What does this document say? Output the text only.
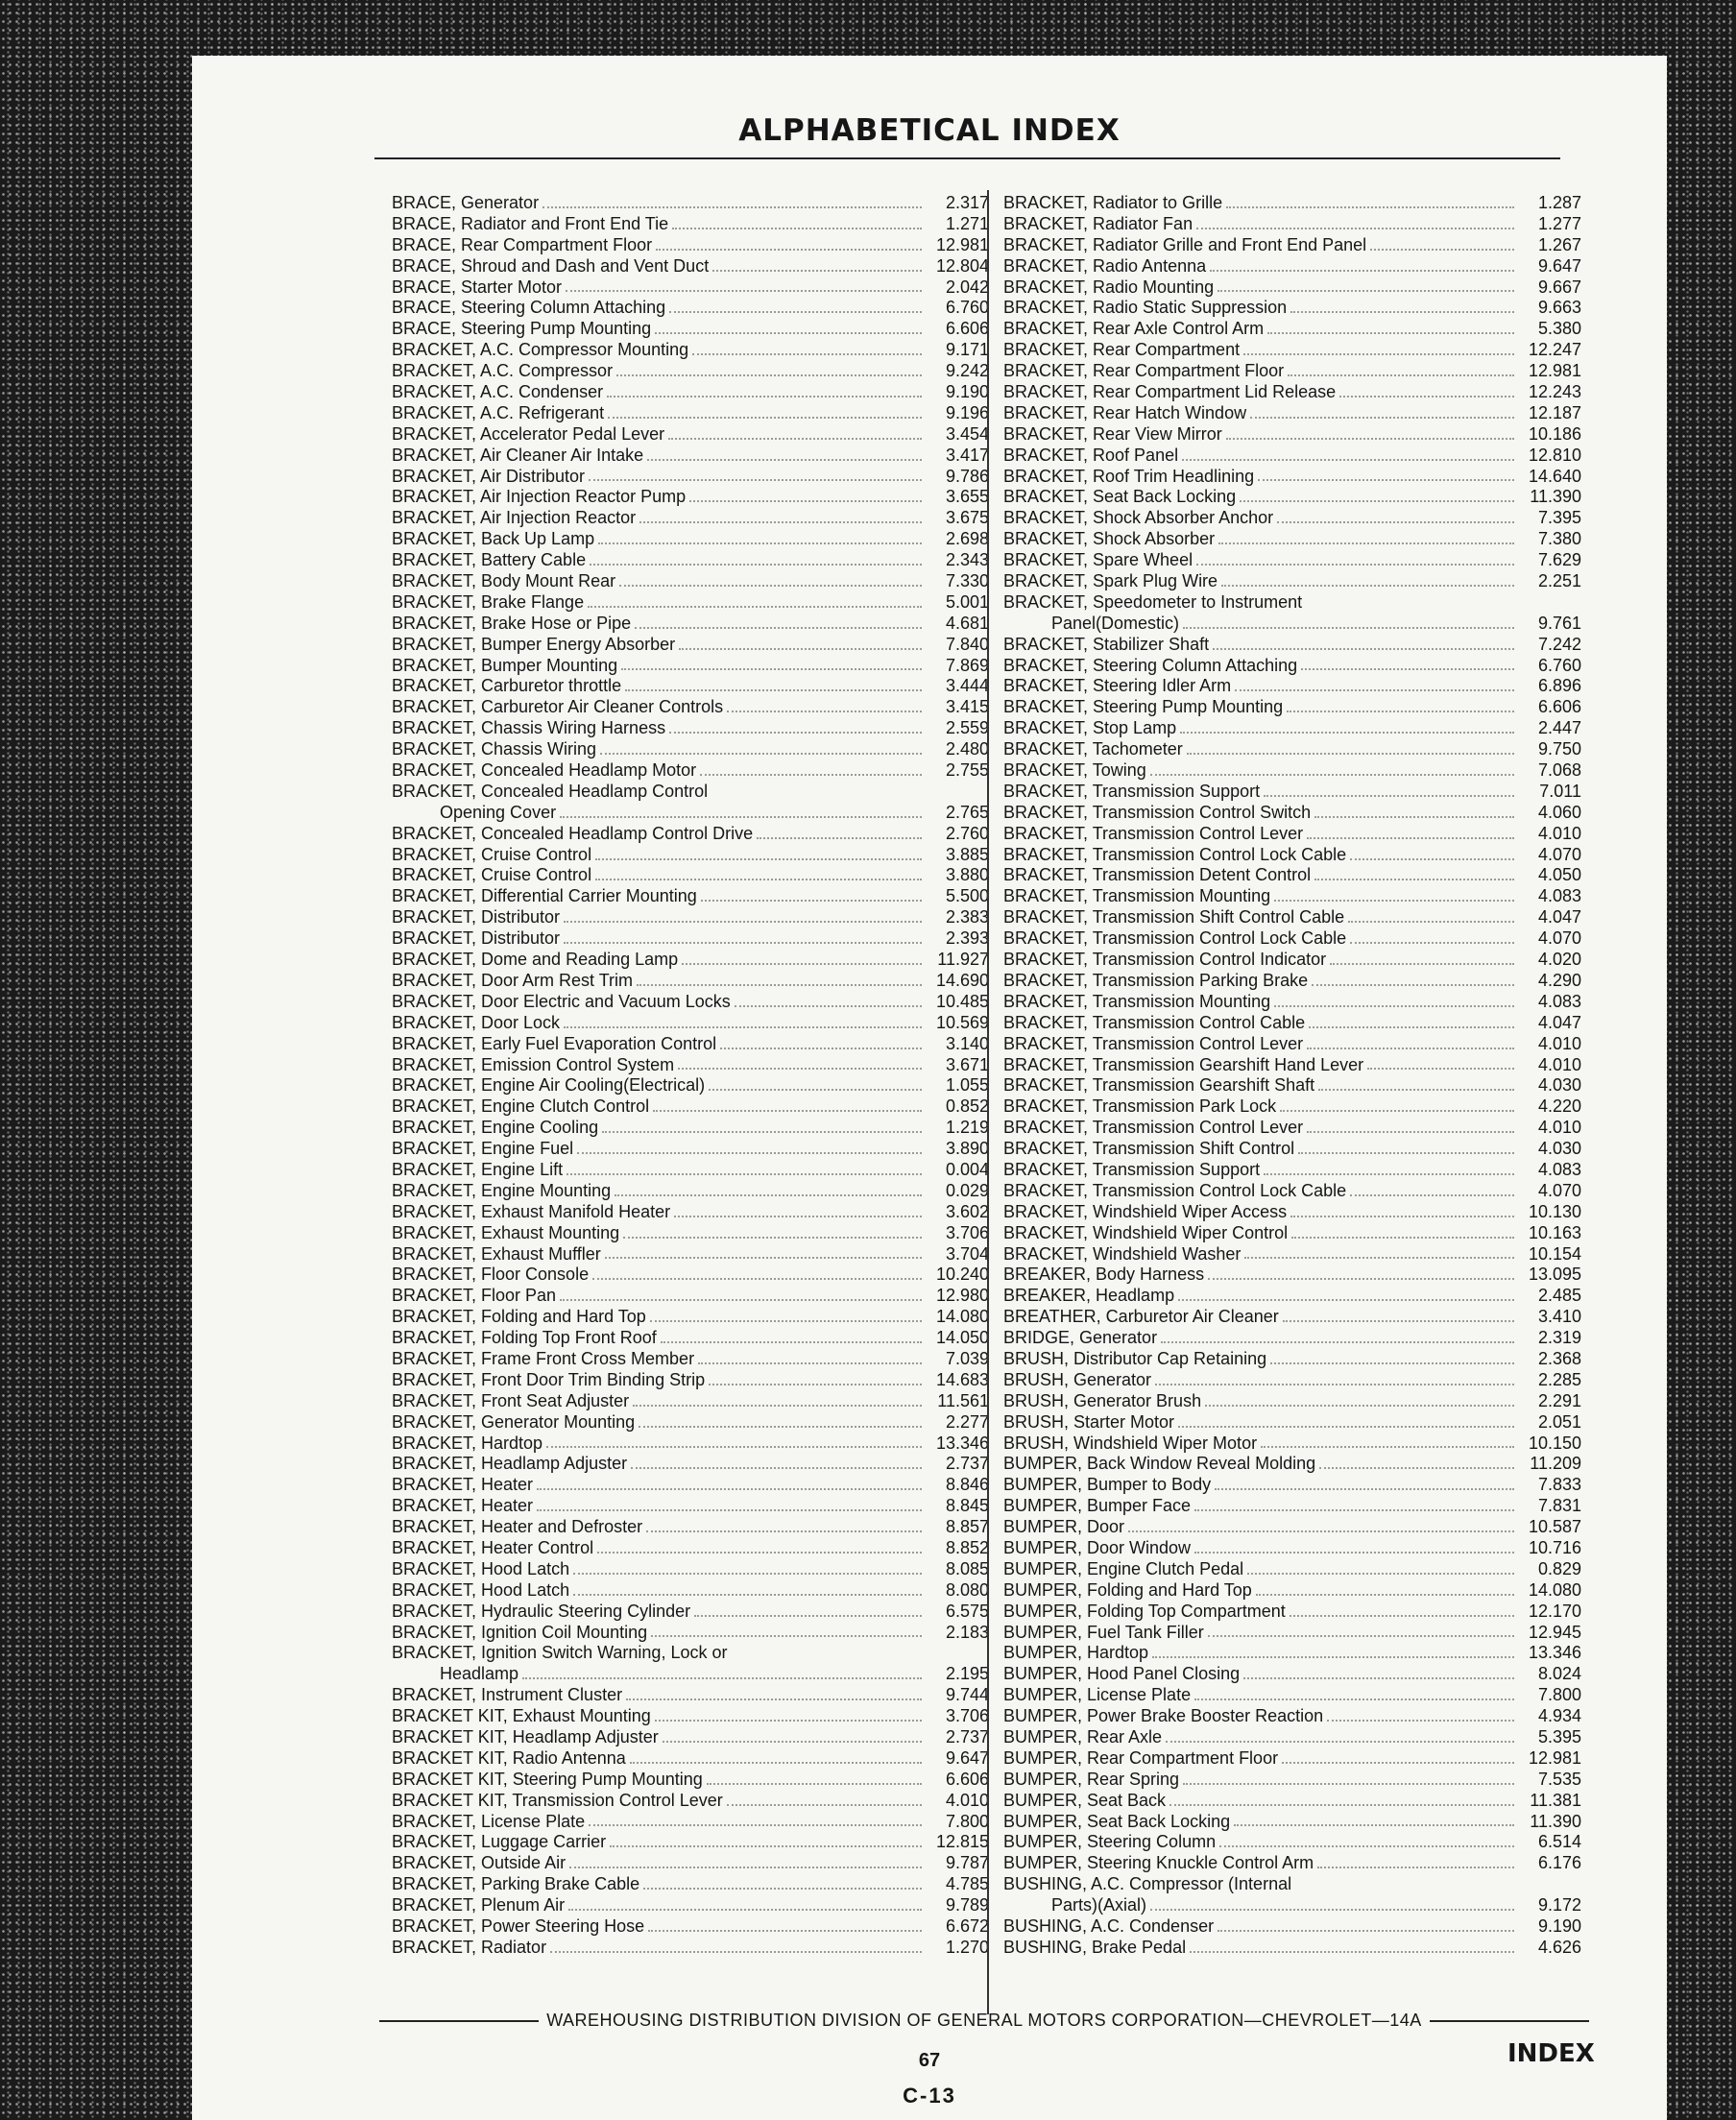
ALPHABETICAL INDEX
BRACE, Generator	2.317
BRACE, Radiator and Front End Tie	1.271
BRACE, Rear Compartment Floor	12.981
BRACE, Shroud and Dash and Vent Duct	12.804
BRACE, Starter Motor	2.042
BRACE, Steering Column Attaching	6.760
BRACE, Steering Pump Mounting	6.606
BRACKET, A.C. Compressor Mounting	9.171
BRACKET, A.C. Compressor	9.242
BRACKET, A.C. Condenser	9.190
BRACKET, A.C. Refrigerant	9.196
BRACKET, Accelerator Pedal Lever	3.454
BRACKET, Air Cleaner Air Intake	3.417
BRACKET, Air Distributor	9.786
BRACKET, Air Injection Reactor Pump	3.655
BRACKET, Air Injection Reactor	3.675
BRACKET, Back Up Lamp	2.698
BRACKET, Battery Cable	2.343
BRACKET, Body Mount Rear	7.330
BRACKET, Brake Flange	5.001
BRACKET, Brake Hose or Pipe	4.681
BRACKET, Bumper Energy Absorber	7.840
BRACKET, Bumper Mounting	7.869
BRACKET, Carburetor throttle	3.444
BRACKET, Carburetor Air Cleaner Controls	3.415
BRACKET, Chassis Wiring Harness	2.559
BRACKET, Chassis Wiring	2.480
BRACKET, Concealed Headlamp Motor	2.755
BRACKET, Concealed Headlamp Control
Opening Cover	2.765
BRACKET, Concealed Headlamp Control Drive	2.760
BRACKET, Cruise Control	3.885
BRACKET, Cruise Control	3.880
BRACKET, Differential Carrier Mounting	5.500
BRACKET, Distributor	2.383
BRACKET, Distributor	2.393
BRACKET, Dome and Reading Lamp	11.927
BRACKET, Door Arm Rest Trim	14.690
BRACKET, Door Electric and Vacuum Locks	10.485
BRACKET, Door Lock	10.569
BRACKET, Early Fuel Evaporation Control	3.140
BRACKET, Emission Control System	3.671
BRACKET, Engine Air Cooling(Electrical)	1.055
BRACKET, Engine Clutch Control	0.852
BRACKET, Engine Cooling	1.219
BRACKET, Engine Fuel	3.890
BRACKET, Engine Lift	0.004
BRACKET, Engine Mounting	0.029
BRACKET, Exhaust Manifold Heater	3.602
BRACKET, Exhaust Mounting	3.706
BRACKET, Exhaust Muffler	3.704
BRACKET, Floor Console	10.240
BRACKET, Floor Pan	12.980
BRACKET, Folding and Hard Top	14.080
BRACKET, Folding Top Front Roof	14.050
BRACKET, Frame Front Cross Member	7.039
BRACKET, Front Door Trim Binding Strip	14.683
BRACKET, Front Seat Adjuster	11.561
BRACKET, Generator Mounting	2.277
BRACKET, Hardtop	13.346
BRACKET, Headlamp Adjuster	2.737
BRACKET, Heater	8.846
BRACKET, Heater	8.845
BRACKET, Heater and Defroster	8.857
BRACKET, Heater Control	8.852
BRACKET, Hood Latch	8.085
BRACKET, Hood Latch	8.080
BRACKET, Hydraulic Steering Cylinder	6.575
BRACKET, Ignition Coil Mounting	2.183
BRACKET, Ignition Switch Warning, Lock or
Headlamp	2.195
BRACKET, Instrument Cluster	9.744
BRACKET KIT, Exhaust Mounting	3.706
BRACKET KIT, Headlamp Adjuster	2.737
BRACKET KIT, Radio Antenna	9.647
BRACKET KIT, Steering Pump Mounting	6.606
BRACKET KIT, Transmission Control Lever	4.010
BRACKET, License Plate	7.800
BRACKET, Luggage Carrier	12.815
BRACKET, Outside Air	9.787
BRACKET, Parking Brake Cable	4.785
BRACKET, Plenum Air	9.789
BRACKET, Power Steering Hose	6.672
BRACKET, Radiator	1.270
BRACKET, Radiator to Grille	1.287
BRACKET, Radiator Fan	1.277
BRACKET, Radiator Grille and Front End Panel	1.267
BRACKET, Radio Antenna	9.647
BRACKET, Radio Mounting	9.667
BRACKET, Radio Static Suppression	9.663
BRACKET, Rear Axle Control Arm	5.380
BRACKET, Rear Compartment	12.247
BRACKET, Rear Compartment Floor	12.981
BRACKET, Rear Compartment Lid Release	12.243
BRACKET, Rear Hatch Window	12.187
BRACKET, Rear View Mirror	10.186
BRACKET, Roof Panel	12.810
BRACKET, Roof Trim Headlining	14.640
BRACKET, Seat Back Locking	11.390
BRACKET, Shock Absorber Anchor	7.395
BRACKET, Shock Absorber	7.380
BRACKET, Spare Wheel	7.629
BRACKET, Spark Plug Wire	2.251
BRACKET, Speedometer to Instrument
Panel(Domestic)	9.761
BRACKET, Stabilizer Shaft	7.242
BRACKET, Steering Column Attaching	6.760
BRACKET, Steering Idler Arm	6.896
BRACKET, Steering Pump Mounting	6.606
BRACKET, Stop Lamp	2.447
BRACKET, Tachometer	9.750
BRACKET, Towing	7.068
BRACKET, Transmission Support	7.011
BRACKET, Transmission Control Switch	4.060
BRACKET, Transmission Control Lever	4.010
BRACKET, Transmission Control Lock Cable	4.070
BRACKET, Transmission Detent Control	4.050
BRACKET, Transmission Mounting	4.083
BRACKET, Transmission Shift Control Cable	4.047
BRACKET, Transmission Control Lock Cable	4.070
BRACKET, Transmission Control Indicator	4.020
BRACKET, Transmission Parking Brake	4.290
BRACKET, Transmission Mounting	4.083
BRACKET, Transmission Control Cable	4.047
BRACKET, Transmission Control Lever	4.010
BRACKET, Transmission Gearshift Hand Lever	4.010
BRACKET, Transmission Gearshift Shaft	4.030
BRACKET, Transmission Park Lock	4.220
BRACKET, Transmission Control Lever	4.010
BRACKET, Transmission Shift Control	4.030
BRACKET, Transmission Support	4.083
BRACKET, Transmission Control Lock Cable	4.070
BRACKET, Windshield Wiper Access	10.130
BRACKET, Windshield Wiper Control	10.163
BRACKET, Windshield Washer	10.154
BREAKER, Body Harness	13.095
BREAKER, Headlamp	2.485
BREATHER, Carburetor Air Cleaner	3.410
BRIDGE, Generator	2.319
BRUSH, Distributor Cap Retaining	2.368
BRUSH, Generator	2.285
BRUSH, Generator Brush	2.291
BRUSH, Starter Motor	2.051
BRUSH, Windshield Wiper Motor	10.150
BUMPER, Back Window Reveal Molding	11.209
BUMPER, Bumper to Body	7.833
BUMPER, Bumper Face	7.831
BUMPER, Door	10.587
BUMPER, Door Window	10.716
BUMPER, Engine Clutch Pedal	0.829
BUMPER, Folding and Hard Top	14.080
BUMPER, Folding Top Compartment	12.170
BUMPER, Fuel Tank Filler	12.945
BUMPER, Hardtop	13.346
BUMPER, Hood Panel Closing	8.024
BUMPER, License Plate	7.800
BUMPER, Power Brake Booster Reaction	4.934
BUMPER, Rear Axle	5.395
BUMPER, Rear Compartment Floor	12.981
BUMPER, Rear Spring	7.535
BUMPER, Seat Back	11.381
BUMPER, Seat Back Locking	11.390
BUMPER, Steering Column	6.514
BUMPER, Steering Knuckle Control Arm	6.176
BUSHING, A.C. Compressor (Internal
Parts)(Axial)	9.172
BUSHING, A.C. Condenser	9.190
BUSHING, Brake Pedal	4.626
WAREHOUSING DISTRIBUTION DIVISION OF GENERAL MOTORS CORPORATION—CHEVROLET—14A
67
C-13
INDEX
